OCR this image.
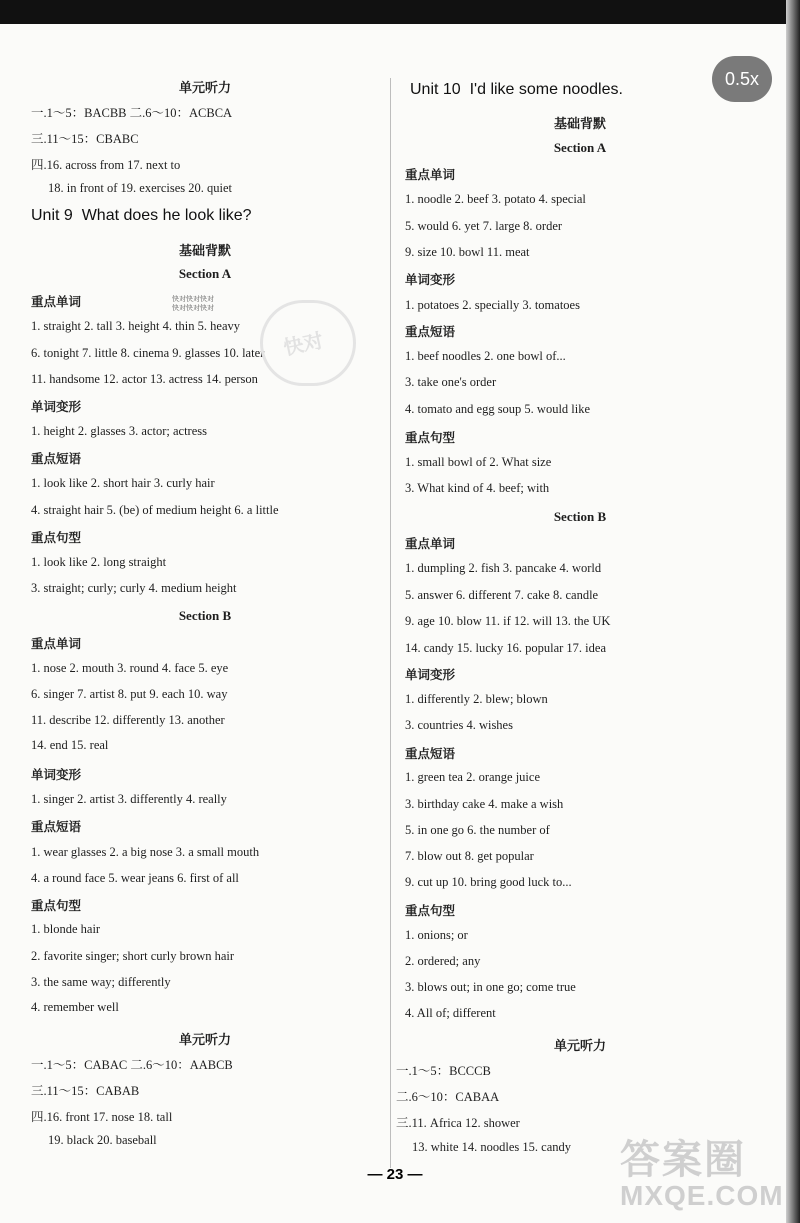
单元听力
一.1～5：BACBB 二.6～10：ACBCA
三.11～15：CBABC
四.16. across from 17. next to
18. in front of 19. exercises 20. quiet
Unit 9 What does he look like?
基础背默
Section A
重点单词
1. straight 2. tall 3. height 4. thin 5. heavy
6. tonight 7. little 8. cinema 9. glasses 10. later
11. handsome 12. actor 13. actress 14. person
单词变形
1. height 2. glasses 3. actor; actress
重点短语
1. look like 2. short hair 3. curly hair
4. straight hair 5. (be) of medium height 6. a little
重点句型
1. look like 2. long straight
3. straight; curly; curly 4. medium height
Section B
重点单词
1. nose 2. mouth 3. round 4. face 5. eye
6. singer 7. artist 8. put 9. each 10. way
11. describe 12. differently 13. another
14. end 15. real
单词变形
1. singer 2. artist 3. differently 4. really
重点短语
1. wear glasses 2. a big nose 3. a small mouth
4. a round face 5. wear jeans 6. first of all
重点句型
1. blonde hair
2. favorite singer; short curly brown hair
3. the same way; differently
4. remember well
单元听力
一.1～5：CABAC 二.6～10：AABCB
三.11～15：CABAB
四.16. front 17. nose 18. tall
19. black 20. baseball
Unit 10 I'd like some noodles.
基础背默
Section A
重点单词
1. noodle 2. beef 3. potato 4. special
5. would 6. yet 7. large 8. order
9. size 10. bowl 11. meat
单词变形
1. potatoes 2. specially 3. tomatoes
重点短语
1. beef noodles 2. one bowl of...
3. take one's order
4. tomato and egg soup 5. would like
重点句型
1. small bowl of 2. What size
3. What kind of 4. beef; with
Section B
重点单词
1. dumpling 2. fish 3. pancake 4. world
5. answer 6. different 7. cake 8. candle
9. age 10. blow 11. if 12. will 13. the UK
14. candy 15. lucky 16. popular 17. idea
单词变形
1. differently 2. blew; blown
3. countries 4. wishes
重点短语
1. green tea 2. orange juice
3. birthday cake 4. make a wish
5. in one go 6. the number of
7. blow out 8. get popular
9. cut up 10. bring good luck to...
重点句型
1. onions; or
2. ordered; any
3. blows out; in one go; come true
4. All of; different
单元听力
一.1～5：BCCCB
二.6～10：CABAA
三.11. Africa 12. shower
13. white 14. noodles 15. candy
0.5x
— 23 —
快对
快对快对快对
快对快对快对
答案圈
MXQE.COM
